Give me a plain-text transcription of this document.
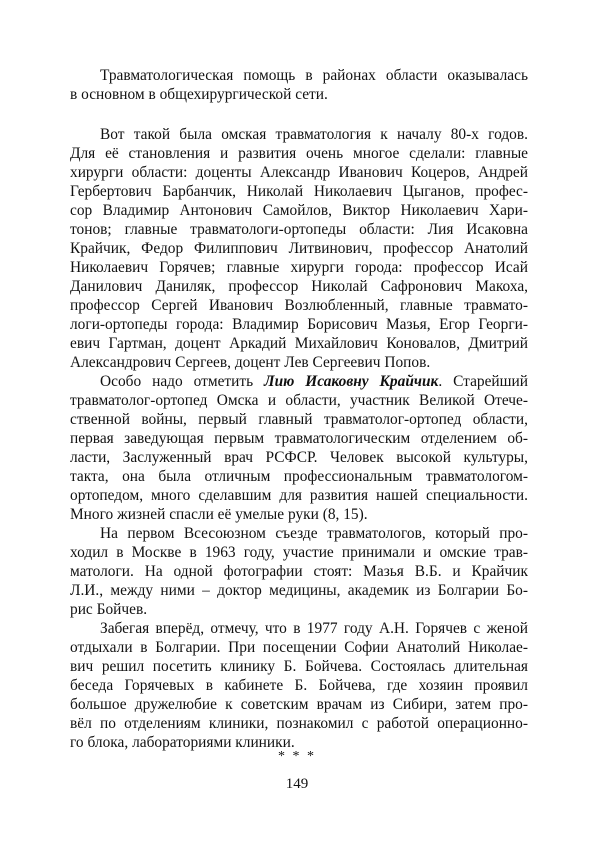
Травматологическая помощь в районах области оказывалась
в основном в общехирургической сети.
Вот такой была омская травматология к началу 80-х годов.
Для её становления и развития очень многое сделали: главные
хирурги области: доценты Александр Иванович Коцеров, Андрей
Гербертович Барбанчик, Николай Николаевич Цыганов, профес-
сор Владимир Антонович Самойлов, Виктор Николаевич Хари-
тонов; главные травматологи-ортопеды области: Лия Исаковна
Крайчик, Федор Филиппович Литвинович, профессор Анатолий
Николаевич Горячев; главные хирурги города: профессор Исай
Данилович Даниляк, профессор Николай Сафронович Макоха,
профессор Сергей Иванович Возлюбленный, главные травмато-
логи-ортопеды города: Владимир Борисович Мазья, Егор Георги-
евич Гартман, доцент Аркадий Михайлович Коновалов, Дмитрий
Александрович Сергеев, доцент Лев Сергеевич Попов.
Особо надо отметить Лию Исаковну Крайчик. Старейший
травматолог-ортопед Омска и области, участник Великой Отече-
ственной войны, первый главный травматолог-ортопед области,
первая заведующая первым травматологическим отделением об-
ласти, Заслуженный врач РСФСР. Человек высокой культуры,
такта, она была отличным профессиональным травматологом-
ортопедом, много сделавшим для развития нашей специальности.
Много жизней спасли её умелые руки (8, 15).
На первом Всесоюзном съезде травматологов, который про-
ходил в Москве в 1963 году, участие принимали и омские трав-
матологи. На одной фотографии стоят: Мазья В.Б. и Крайчик
Л.И., между ними – доктор медицины, академик из Болгарии Бо-
рис Бойчев.
Забегая вперёд, отмечу, что в 1977 году А.Н. Горячев с женой
отдыхали в Болгарии. При посещении Софии Анатолий Николае-
вич решил посетить клинику Б. Бойчева. Состоялась длительная
беседа Горячевых в кабинете Б. Бойчева, где хозяин проявил
большое дружелюбие к советским врачам из Сибири, затем про-
вёл по отделениям клиники, познакомил с работой операционно-
го блока, лабораториями клиники.
* * *
149
